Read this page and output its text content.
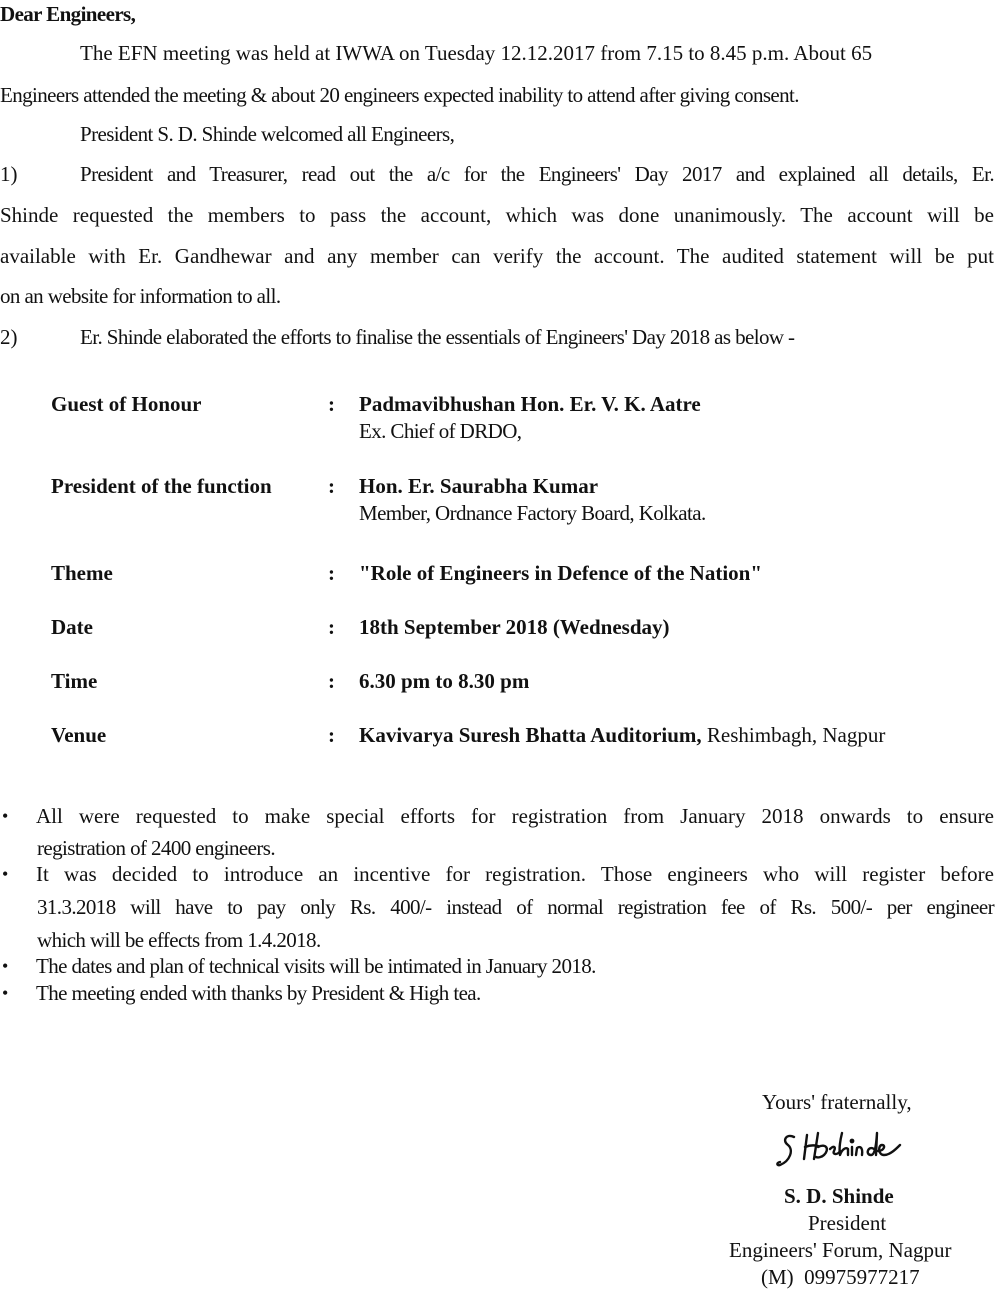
Dear Engineers,
The EFN meeting was held at IWWA on Tuesday 12.12.2017 from 7.15 to 8.45 p.m. About 65
Engineers attended the meeting & about 20 engineers expected inability to attend after giving consent.
President S. D. Shinde welcomed all Engineers,
1)	President and Treasurer, read out the a/c for the Engineers' Day 2017 and explained all details, Er.
Shinde requested the members to pass the account, which was done unanimously. The account will be
available with Er. Gandhewar and any member can verify the account. The audited statement will be put
on an website for information to all.
2)	Er. Shinde elaborated the efforts to finalise the essentials of Engineers' Day 2018 as below -
Guest of Honour	: Padmavibhushan Hon. Er. V. K. Aatre
Ex. Chief of DRDO,
President of the function	: Hon. Er. Saurabha Kumar
Member, Ordnance Factory Board, Kolkata.
Theme	: "Role of Engineers in Defence of the Nation"
Date	: 18th September 2018 (Wednesday)
Time	: 6.30 pm to 8.30 pm
Venue	: Kavivarya Suresh Bhatta Auditorium, Reshimbagh, Nagpur
• All were requested to make special efforts for registration from January 2018 onwards to ensure
registration of 2400 engineers.
• It was decided to introduce an incentive for registration. Those engineers who will register before
31.3.2018 will have to pay only Rs. 400/- instead of normal registration fee of Rs. 500/- per engineer
which will be effects from 1.4.2018.
• The dates and plan of technical visits will be intimated in January 2018.
• The meeting ended with thanks by President & High tea.
Yours' fraternally,
S. D. Shinde
President
Engineers' Forum, Nagpur
(M)  09975977217
